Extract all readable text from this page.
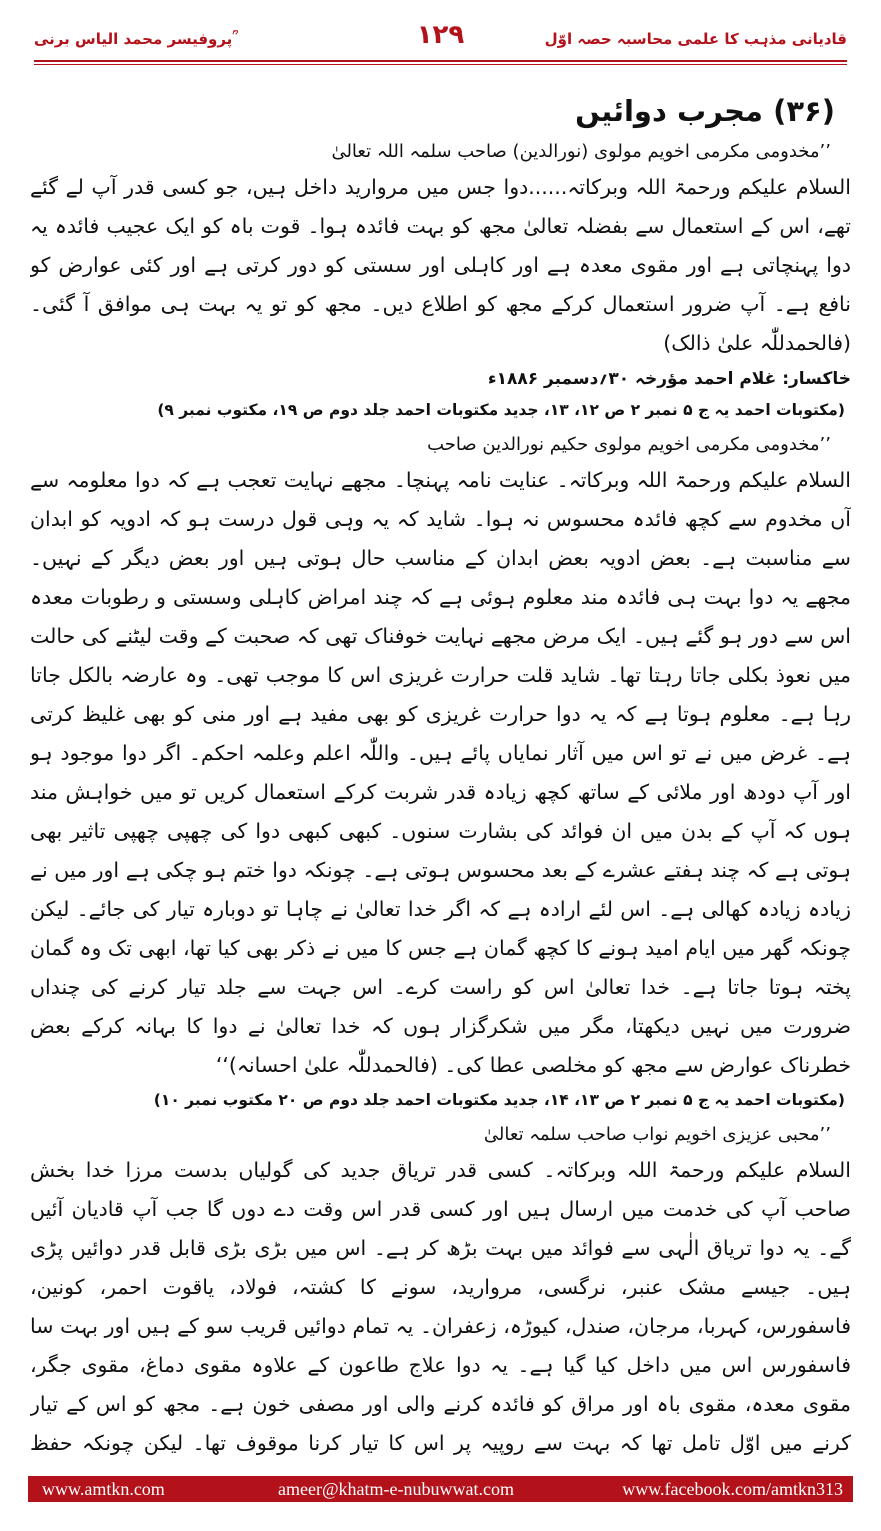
پروفیسر محمد الیاس برنی ؒ	۱۲۹	قادیانی مذہب کا علمی محاسبہ حصہ اوّل
(۳۶) مجرب دوائیں
’’مخدومی مکرمی اخویم مولوی (نورالدین) صاحب سلمہ اللہ تعالیٰ
السلام علیکم ورحمۃ اللہ وبرکاتہ......دوا جس میں مروارید داخل ہیں، جو کسی قدر آپ لے گئے تھے، اس کے استعمال سے بفضلہ تعالیٰ مجھ کو بہت فائدہ ہوا۔ قوت باہ کو ایک عجیب فائدہ یہ دوا پہنچاتی ہے اور مقوی معدہ ہے اور کاہلی اور سستی کو دور کرتی ہے اور کئی عوارض کو نافع ہے۔ آپ ضرور استعمال کرکے مجھ کو اطلاع دیں۔ مجھ کو تو یہ بہت ہی موافق آ گئی۔ (فالحمدللّٰہ علیٰ ذالک)
خاکسار: غلام احمد مؤرخہ ۳۰؍دسمبر ۱۸۸۶ء
(مکتوبات احمد یہ ج ۵ نمبر ۲ ص ۱۲، ۱۳، جدید مکتوبات احمد جلد دوم ص ۱۹، مکتوب نمبر ۹)
’’مخدومی مکرمی اخویم مولوی حکیم نورالدین صاحب
السلام علیکم ورحمۃ اللہ وبرکاتہ۔ عنایت نامہ پہنچا۔ مجھے نہایت تعجب ہے کہ دوا معلومہ سے آں مخدوم سے کچھ فائدہ محسوس نہ ہوا۔ شاید کہ یہ وہی قول درست ہو کہ ادویہ کو ابدان سے مناسبت ہے۔ بعض ادویہ بعض ابدان کے مناسب حال ہوتی ہیں اور بعض دیگر کے نہیں۔ مجھے یہ دوا بہت ہی فائدہ مند معلوم ہوئی ہے کہ چند امراض کاہلی وسستی و رطوبات معدہ اس سے دور ہو گئے ہیں۔ ایک مرض مجھے نہایت خوفناک تھی کہ صحبت کے وقت لیٹنے کی حالت میں نعوذ بکلی جاتا رہتا تھا۔ شاید قلت حرارت غریزی اس کا موجب تھی۔ وہ عارضہ بالکل جاتا رہا ہے۔ معلوم ہوتا ہے کہ یہ دوا حرارت غریزی کو بھی مفید ہے اور منی کو بھی غلیظ کرتی ہے۔ غرض میں نے تو اس میں آثار نمایاں پائے ہیں۔ واللّٰہ اعلم وعلمہ احکم۔ اگر دوا موجود ہو اور آپ دودھ اور ملائی کے ساتھ کچھ زیادہ قدر شربت کرکے استعمال کریں تو میں خواہش مند ہوں کہ آپ کے بدن میں ان فوائد کی بشارت سنوں۔ کبھی کبھی دوا کی چھپی چھپی تاثیر بھی ہوتی ہے کہ چند ہفتے عشرے کے بعد محسوس ہوتی ہے۔ چونکہ دوا ختم ہو چکی ہے اور میں نے زیادہ زیادہ کھالی ہے۔ اس لئے ارادہ ہے کہ اگر خدا تعالیٰ نے چاہا تو دوبارہ تیار کی جائے۔ لیکن چونکہ گھر میں ایام امید ہونے کا کچھ گمان ہے جس کا میں نے ذکر بھی کیا تھا، ابھی تک وہ گمان پختہ ہوتا جاتا ہے۔ خدا تعالیٰ اس کو راست کرے۔ اس جہت سے جلد تیار کرنے کی چنداں ضرورت میں نہیں دیکھتا، مگر میں شکرگزار ہوں کہ خدا تعالیٰ نے دوا کا بہانہ کرکے بعض خطرناک عوارض سے مجھ کو مخلصی عطا کی۔ (فالحمدللّٰہ علیٰ احسانہ)‘‘
(مکتوبات احمد یہ ج ۵ نمبر ۲ ص ۱۳، ۱۴، جدید مکتوبات احمد جلد دوم ص ۲۰ مکتوب نمبر ۱۰)
’’محبی عزیزی اخویم نواب صاحب سلمہ تعالیٰ
السلام علیکم ورحمۃ اللہ وبرکاتہ۔ کسی قدر تریاق جدید کی گولیاں بدست مرزا خدا بخش صاحب آپ کی خدمت میں ارسال ہیں اور کسی قدر اس وقت دے دوں گا جب آپ قادیان آئیں گے۔ یہ دوا تریاق الٰہی سے فوائد میں بہت بڑھ کر ہے۔ اس میں بڑی بڑی قابل قدر دوائیں پڑی ہیں۔ جیسے مشک عنبر، نرگسی، مروارید، سونے کا کشتہ، فولاد، یاقوت احمر، کونین، فاسفورس، کہربا، مرجان، صندل، کیوڑہ، زعفران۔ یہ تمام دوائیں قریب سو کے ہیں اور بہت سا فاسفورس اس میں داخل کیا گیا ہے۔ یہ دوا علاج طاعون کے علاوہ مقوی دماغ، مقوی جگر، مقوی معدہ، مقوی باہ اور مراق کو فائدہ کرنے والی اور مصفی خون ہے۔ مجھ کو اس کے تیار کرنے میں اوّل تامل تھا کہ بہت سے روپیہ پر اس کا تیار کرنا موقوف تھا۔ لیکن چونکہ حفظ
www.amtkn.com	ameer@khatm-e-nubuwwat.com	www.facebook.com/amtkn313
